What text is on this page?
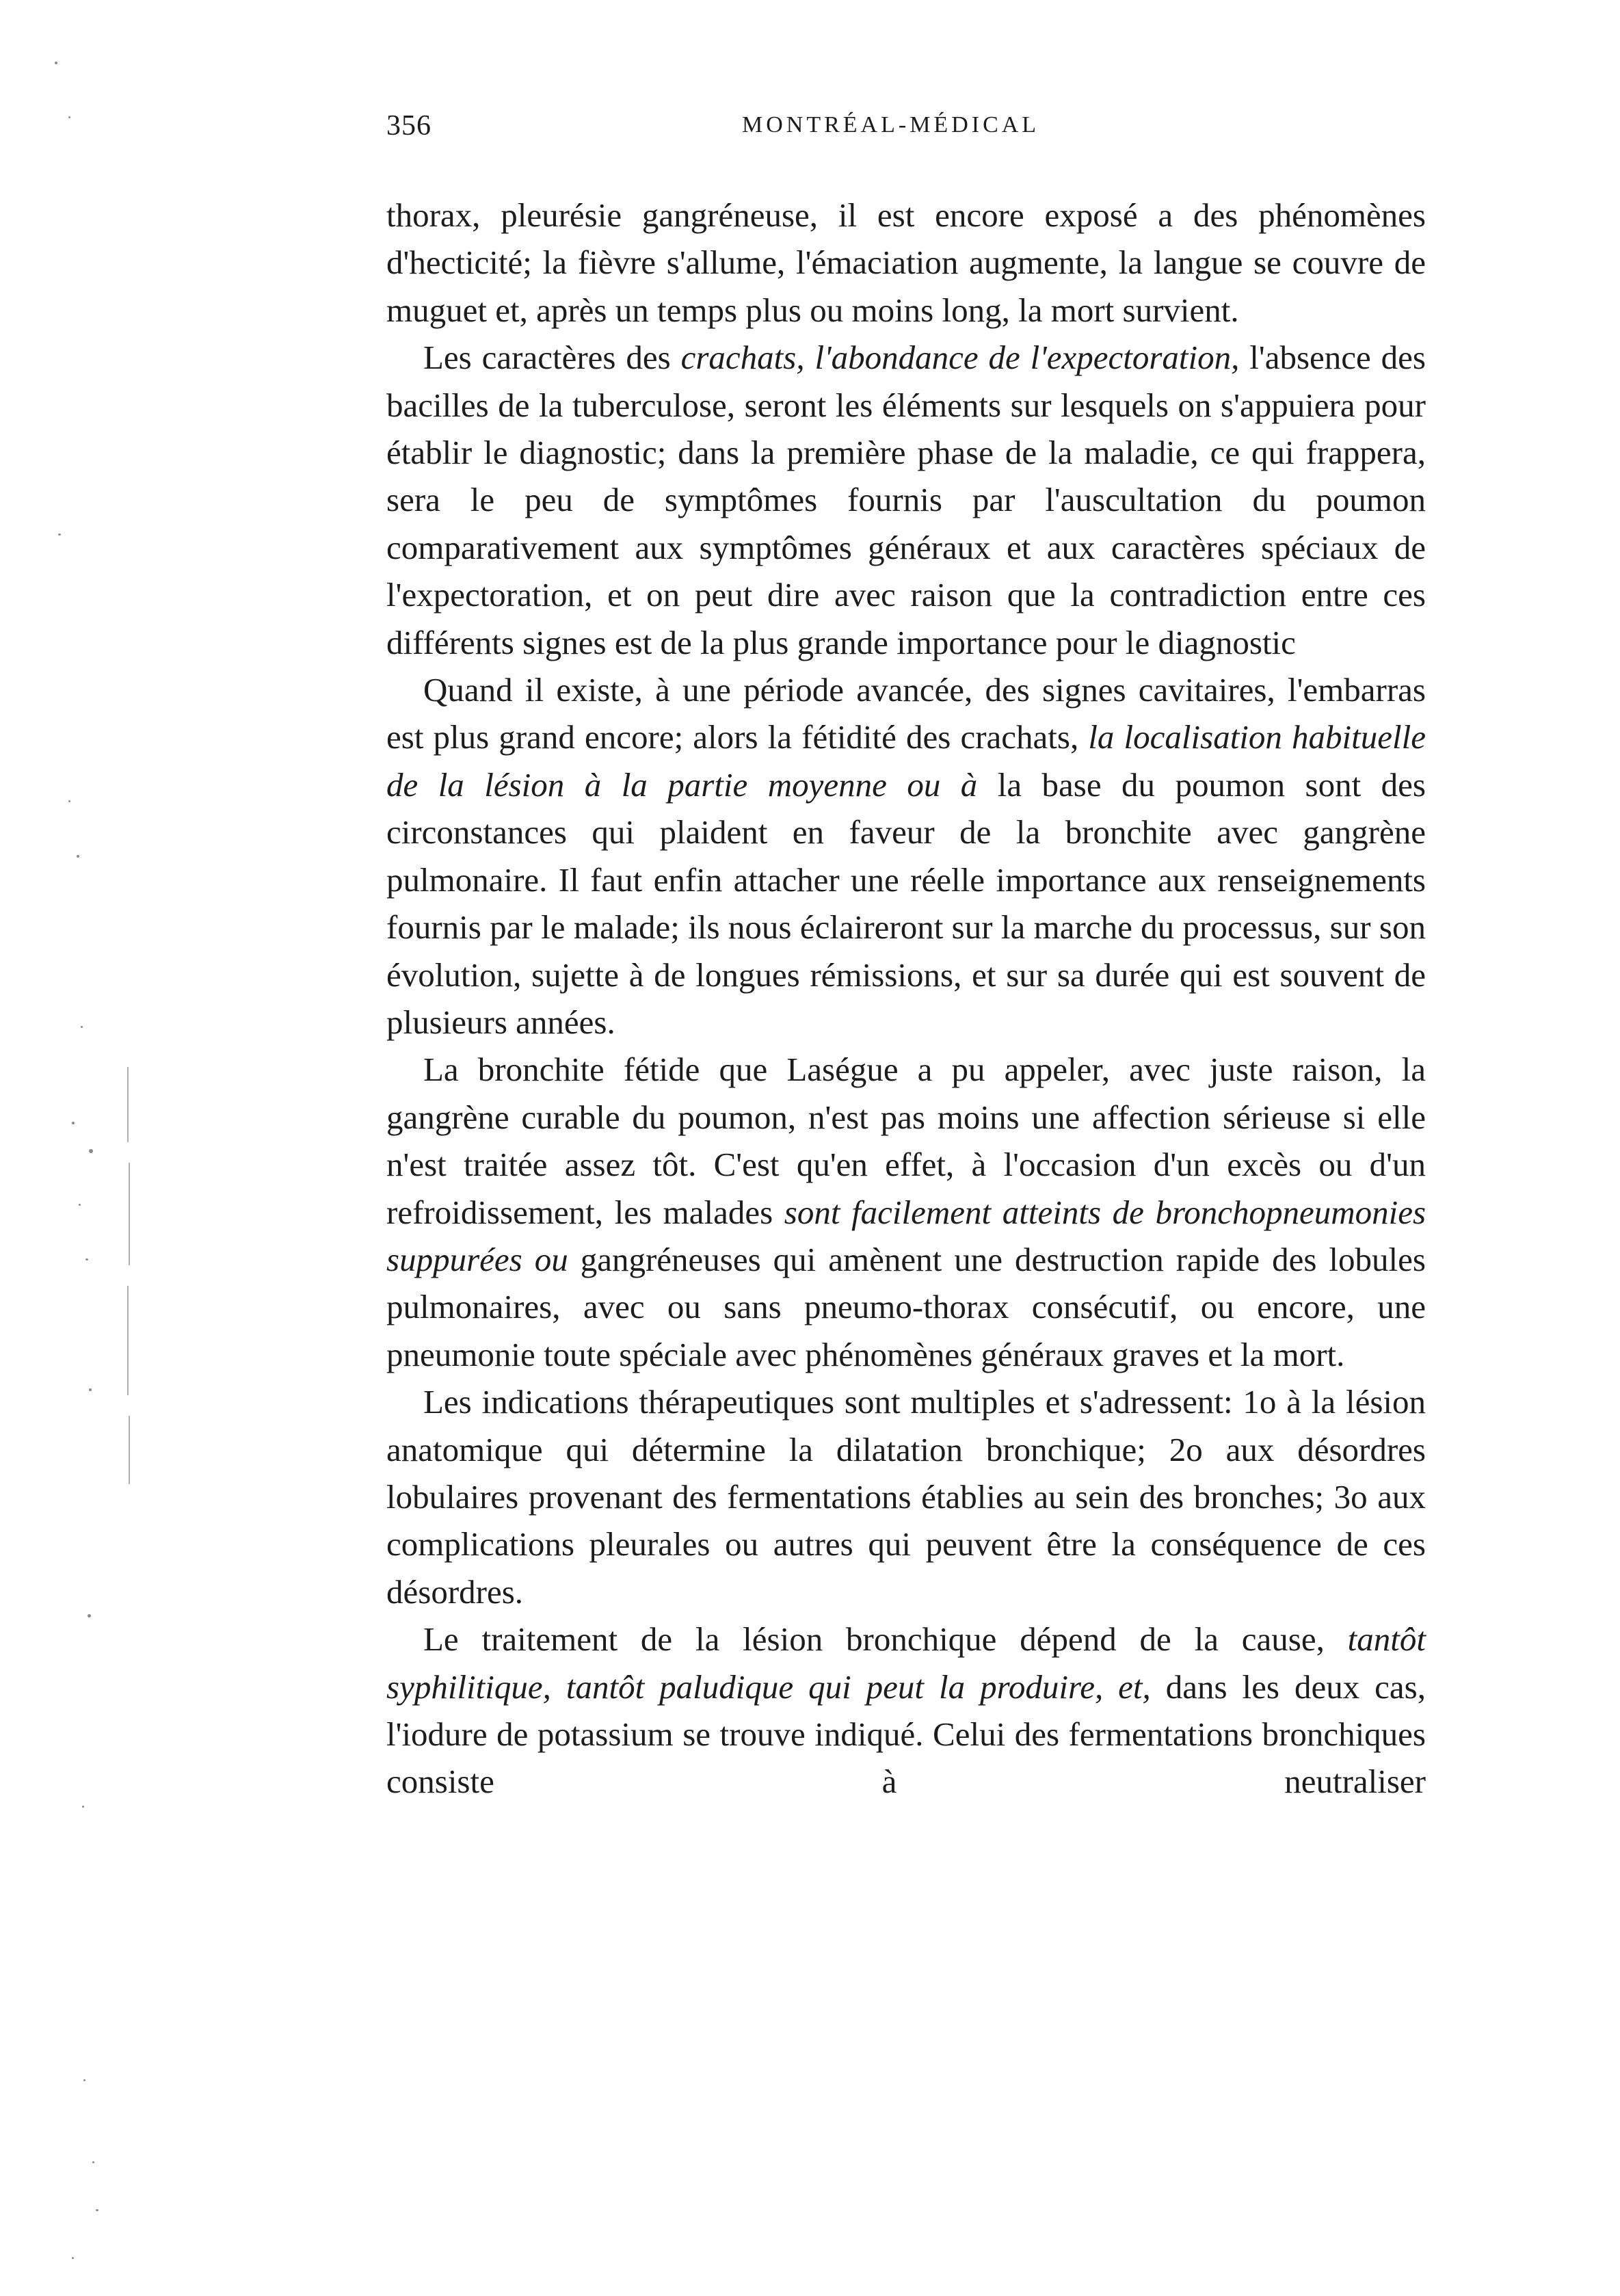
356	MONTRÉAL-MÉDICAL

thorax, pleurésie gangréneuse, il est encore exposé a des phénomènes d'hecticité; la fièvre s'allume, l'émaciation augmente, la langue se couvre de muguet et, après un temps plus ou moins long, la mort survient.

Les caractères des crachats, l'abondance de l'expectoration, l'absence des bacilles de la tuberculose, seront les éléments sur lesquels on s'appuiera pour établir le diagnostic; dans la première phase de la maladie, ce qui frappera, sera le peu de symptômes fournis par l'auscultation du poumon comparativement aux symptômes généraux et aux caractères spéciaux de l'expectoration, et on peut dire avec raison que la contradiction entre ces différents signes est de la plus grande importance pour le diagnostic

Quand il existe, à une période avancée, des signes cavitaires, l'embarras est plus grand encore; alors la fétidité des crachats, la localisation habituelle de la lésion à la partie moyenne ou à la base du poumon sont des circonstances qui plaident en faveur de la bronchite avec gangrène pulmonaire. Il faut enfin attacher une réelle importance aux renseignements fournis par le malade; ils nous éclaireront sur la marche du processus, sur son évolution, sujette à de longues rémissions, et sur sa durée qui est souvent de plusieurs années.

La bronchite fétide que Laségue a pu appeler, avec juste raison, la gangrène curable du poumon, n'est pas moins une affection sérieuse si elle n'est traitée assez tôt. C'est qu'en effet, à l'occasion d'un excès ou d'un refroidissement, les malades sont facilement atteints de bronchopneumonies suppurées ou gangréneuses qui amènent une destruction rapide des lobules pulmonaires, avec ou sans pneumo-thorax consécutif, ou encore, une pneumonie toute spéciale avec phénomènes généraux graves et la mort.

Les indications thérapeutiques sont multiples et s'adressent: 1o à la lésion anatomique qui détermine la dilatation bronchique; 2o aux désordres lobulaires provenant des fermentations établies au sein des bronches; 3o aux complications pleurales ou autres qui peuvent être la conséquence de ces désordres.

Le traitement de la lésion bronchique dépend de la cause, tantôt syphilitique, tantôt paludique qui peut la produire, et, dans les deux cas, l'iodure de potassium se trouve indiqué. Celui des fermentations bronchiques consiste à neutraliser
